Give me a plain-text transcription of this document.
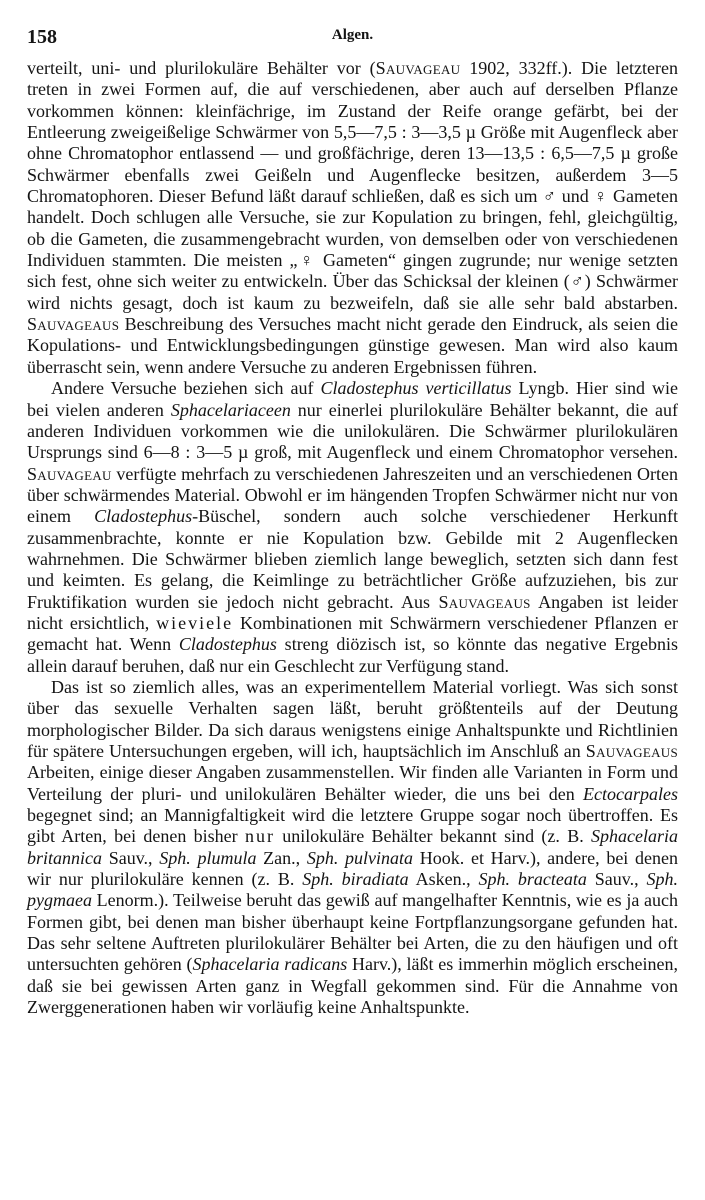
158	Algen.

verteilt, uni- und plurilokuläre Behälter vor (Sauvageau 1902, 332ff.). Die letzteren treten in zwei Formen auf, die auf verschiedenen, aber auch auf derselben Pflanze vorkommen können: kleinfächrige, im Zustand der Reife orange gefärbt, bei der Entleerung zweigeißelige Schwärmer von 5,5—7,5 : 3—3,5 µ Größe mit Augenfleck aber ohne Chromatophor entlassend — und großfächrige, deren 13—13,5 : 6,5—7,5 µ große Schwärmer ebenfalls zwei Geißeln und Augenflecke besitzen, außerdem 3—5 Chromatophoren. Dieser Befund läßt darauf schließen, daß es sich um ♂ und ♀ Gameten handelt. Doch schlugen alle Versuche, sie zur Kopulation zu bringen, fehl, gleichgültig, ob die Gameten, die zusammengebracht wurden, von demselben oder von verschiedenen Individuen stammten. Die meisten „♀ Gameten“ gingen zugrunde; nur wenige setzten sich fest, ohne sich weiter zu entwickeln. Über das Schicksal der kleinen (♂) Schwärmer wird nichts gesagt, doch ist kaum zu bezweifeln, daß sie alle sehr bald abstarben. Sauvageaus Beschreibung des Versuches macht nicht gerade den Eindruck, als seien die Kopulations- und Entwicklungsbedingungen günstige gewesen. Man wird also kaum überrascht sein, wenn andere Versuche zu anderen Ergebnissen führen.

Andere Versuche beziehen sich auf Cladostephus verticillatus Lyngb. Hier sind wie bei vielen anderen Sphacelariaceen nur einerlei plurilokuläre Behälter bekannt, die auf anderen Individuen vorkommen wie die unilokulären. Die Schwärmer plurilokulären Ursprungs sind 6—8 : 3—5 µ groß, mit Augenfleck und einem Chromatophor versehen. Sauvageau verfügte mehrfach zu verschiedenen Jahreszeiten und an verschiedenen Orten über schwärmendes Material. Obwohl er im hängenden Tropfen Schwärmer nicht nur von einem Cladostephus-Büschel, sondern auch solche verschiedener Herkunft zusammenbrachte, konnte er nie Kopulation bzw. Gebilde mit 2 Augenflecken wahrnehmen. Die Schwärmer blieben ziemlich lange beweglich, setzten sich dann fest und keimten. Es gelang, die Keimlinge zu beträchtlicher Größe aufzuziehen, bis zur Fruktifikation wurden sie jedoch nicht gebracht. Aus Sauvageaus Angaben ist leider nicht ersichtlich, wieviele Kombinationen mit Schwärmern verschiedener Pflanzen er gemacht hat. Wenn Cladostephus streng diözisch ist, so könnte das negative Ergebnis allein darauf beruhen, daß nur ein Geschlecht zur Verfügung stand.

Das ist so ziemlich alles, was an experimentellem Material vorliegt. Was sich sonst über das sexuelle Verhalten sagen läßt, beruht größtenteils auf der Deutung morphologischer Bilder. Da sich daraus wenigstens einige Anhaltspunkte und Richtlinien für spätere Untersuchungen ergeben, will ich, hauptsächlich im Anschluß an Sauvageaus Arbeiten, einige dieser Angaben zusammenstellen. Wir finden alle Varianten in Form und Verteilung der pluri- und unilokulären Behälter wieder, die uns bei den Ectocarpales begegnet sind; an Mannigfaltigkeit wird die letztere Gruppe sogar noch übertroffen. Es gibt Arten, bei denen bisher nur unilokuläre Behälter bekannt sind (z. B. Sphacelaria britannica Sauv., Sph. plumula Zan., Sph. pulvinata Hook. et Harv.), andere, bei denen wir nur plurilokuläre kennen (z. B. Sph. biradiata Asken., Sph. bracteata Sauv., Sph. pygmaea Lenorm.). Teilweise beruht das gewiß auf mangelhafter Kenntnis, wie es ja auch Formen gibt, bei denen man bisher überhaupt keine Fortpflanzungsorgane gefunden hat. Das sehr seltene Auftreten plurilokulärer Behälter bei Arten, die zu den häufigen und oft untersuchten gehören (Sphacelaria radicans Harv.), läßt es immerhin möglich erscheinen, daß sie bei gewissen Arten ganz in Wegfall gekommen sind. Für die Annahme von Zwerggenerationen haben wir vorläufig keine Anhaltspunkte.
